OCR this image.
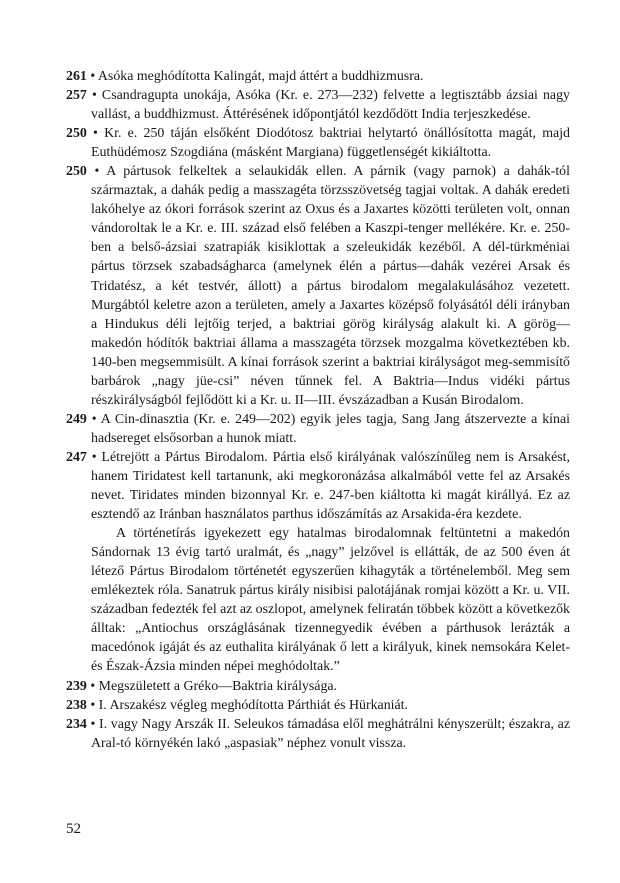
261 • Asóka meghódította Kalingát, majd áttért a buddhizmusra.

257 • Csandragupta unokája, Asóka (Kr. e. 273—232) felvette a legtisztább ázsiai nagy vallást, a buddhizmust. Áttérésének időpontjától kezdődött India terjeszkedése.

250 • Kr. e. 250 táján elsőként Diodótosz baktriai helytartó önállósította magát, majd Euthüdémosz Szogdiána (másként Margiana) függetlenségét kikiáltotta.

250 • A pártusok felkeltek a selaukidák ellen. A párnik (vagy parnok) a dahák-tól származtak, a dahák pedig a masszagéta törzsszövetség tagjai voltak. A dahák eredeti lakóhelye az ókori források szerint az Oxus és a Jaxartes közötti területen volt, onnan vándoroltak le a Kr. e. III. század első felében a Kaszpi-tenger mellékére. Kr. e. 250-ben a belső-ázsiai szatrapiák kisiklottak a szeleukidák kezéből. A dél-türkméniai pártus törzsek szabadságharca (amelynek élén a pártus—dahák vezérei Arsak és Tridatész, a két testvér, állott) a pártus birodalom megalakulásához vezetett. Murgábtól keletre azon a területen, amely a Jaxartes középső folyásától déli irányban a Hindukus déli lejtőig terjed, a baktriai görög királyság alakult ki. A görög—makedón hódítók baktriai állama a masszagéta törzsek mozgalma következtében kb. 140-ben megsemmisült. A kínai források szerint a baktriai királyságot meg-semmisítő barbárok „nagy jüe-csi” néven tűnnek fel. A Baktria—Indus vidéki pártus részkirályságból fejlődött ki a Kr. u. II—III. évszázadban a Kusán Birodalom.

249 • A Cin-dinasztia (Kr. e. 249—202) egyik jeles tagja, Sang Jang átszervezte a kínai hadsereget elsősorban a hunok miatt.

247 • Létrejött a Pártus Birodalom. Pártia első királyának valószínűleg nem is Arsakést, hanem Tiridatest kell tartanunk, aki megkoronázása alkalmából vette fel az Arsakés nevet. Tiridates minden bizonnyal Kr. e. 247-ben kiáltotta ki magát királlyá. Ez az esztendő az Iránban használatos parthus időszámítás az Arsakida-éra kezdete.

A történetírás igyekezett egy hatalmas birodalomnak feltüntetni a makedón Sándornak 13 évig tartó uralmát, és „nagy” jelzővel is ellátták, de az 500 éven át létező Pártus Birodalom történetét egyszerűen kihagyták a történelemből. Meg sem emlékeztek róla. Sanatruk pártus király nisibisi palotájának romjai között a Kr. u. VII. században fedezték fel azt az oszlopot, amelynek feliratán többek között a következők álltak: „Antiochus országlásának tizennegyedik évében a párthusok lerázták a macedónok igáját és az euthalita királyának ő lett a királyuk, kinek nemsokára Kelet- és Észak-Ázsia minden népei meghódoltak.”

239 • Megszületett a Gréko—Baktria királysága.

238 • I. Arszakész végleg meghódította Párthiát és Hürkaniát.

234 • I. vagy Nagy Arszák II. Seleukos támadása elől meghátrálni kényszerült; északra, az Aral-tó környékén lakó „aspasiak” néphez vonult vissza.

52
